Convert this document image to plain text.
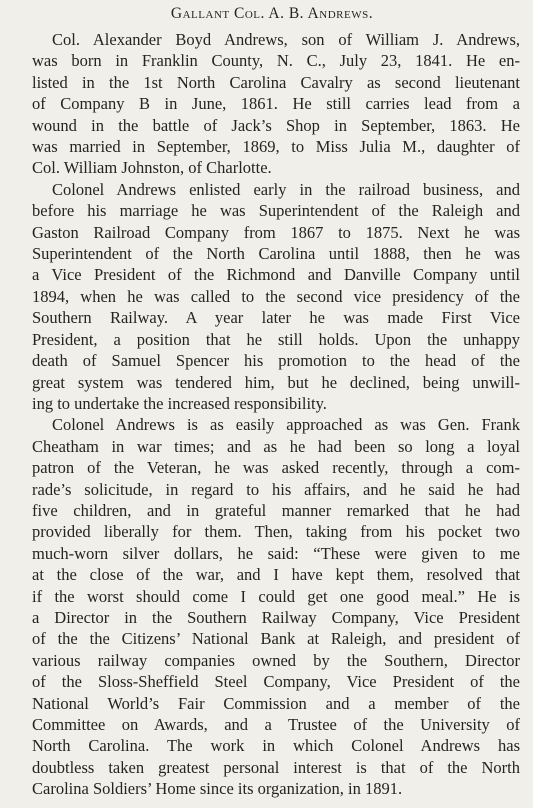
Gallant Col. A. B. Andrews.
Col. Alexander Boyd Andrews, son of William J. Andrews,
was born in Franklin County, N. C., July 23, 1841. He en-
listed in the 1st North Carolina Cavalry as second lieutenant
of Company B in June, 1861. He still carries lead from a
wound in the battle of Jack’s Shop in September, 1863. He
was married in September, 1869, to Miss Julia M., daughter of
Col. William Johnston, of Charlotte.
Colonel Andrews enlisted early in the railroad business, and
before his marriage he was Superintendent of the Raleigh and
Gaston Railroad Company from 1867 to 1875. Next he was
Superintendent of the North Carolina until 1888, then he was
a Vice President of the Richmond and Danville Company until
1894, when he was called to the second vice presidency of the
Southern Railway. A year later he was made First Vice
President, a position that he still holds. Upon the unhappy
death of Samuel Spencer his promotion to the head of the
great system was tendered him, but he declined, being unwill-
ing to undertake the increased responsibility.
Colonel Andrews is as easily approached as was Gen. Frank
Cheatham in war times; and as he had been so long a loyal
patron of the Veteran, he was asked recently, through a com-
rade’s solicitude, in regard to his affairs, and he said he had
five children, and in grateful manner remarked that he had
provided liberally for them. Then, taking from his pocket two
much-worn silver dollars, he said: “These were given to me
at the close of the war, and I have kept them, resolved that
if the worst should come I could get one good meal.” He is
a Director in the Southern Railway Company, Vice President
of the the Citizens’ National Bank at Raleigh, and president of
various railway companies owned by the Southern, Director
of the Sloss-Sheffield Steel Company, Vice President of the
National World’s Fair Commission and a member of the
Committee on Awards, and a Trustee of the University of
North Carolina. The work in which Colonel Andrews has
doubtless taken greatest personal interest is that of the North
Carolina Soldiers’ Home since its organization, in 1891.
